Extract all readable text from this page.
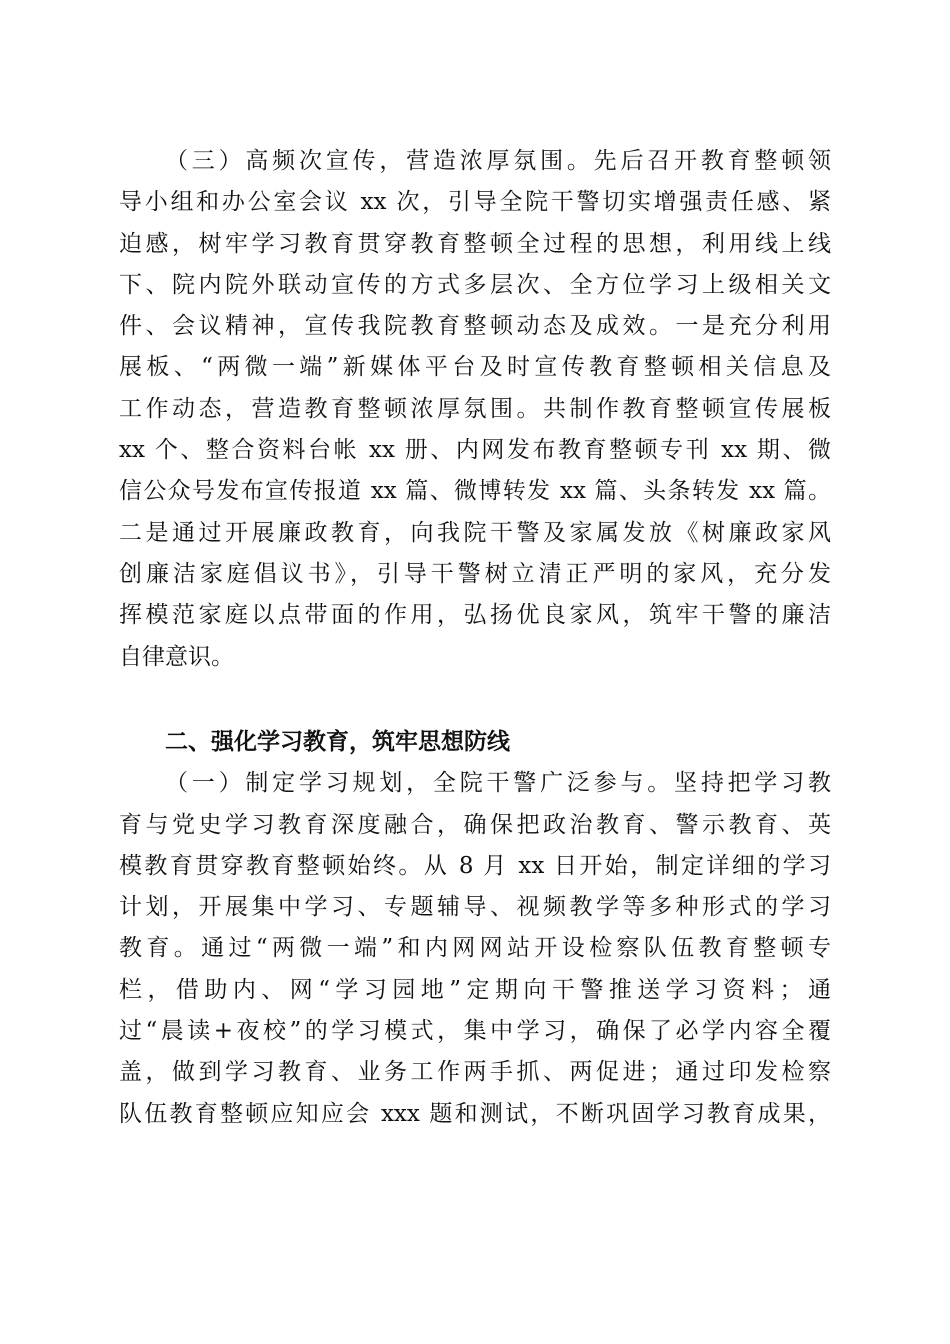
（三）高频次宣传，营造浓厚氛围。先后召开教育整顿领
导小组和办公室会议 xx 次，引导全院干警切实增强责任感、紧
迫感，树牢学习教育贯穿教育整顿全过程的思想，利用线上线
下、院内院外联动宣传的方式多层次、全方位学习上级相关文
件、会议精神，宣传我院教育整顿动态及成效。一是充分利用
展板、“两微一端”新媒体平台及时宣传教育整顿相关信息及
工作动态，营造教育整顿浓厚氛围。共制作教育整顿宣传展板
xx 个、整合资料台帐 xx 册、内网发布教育整顿专刊 xx 期、微
信公众号发布宣传报道 xx 篇、微博转发 xx 篇、头条转发 xx 篇。
二是通过开展廉政教育，向我院干警及家属发放《树廉政家风
创廉洁家庭倡议书》，引导干警树立清正严明的家风，充分发
挥模范家庭以点带面的作用，弘扬优良家风，筑牢干警的廉洁
自律意识。
二、强化学习教育，筑牢思想防线
（一）制定学习规划，全院干警广泛参与。坚持把学习教
育与党史学习教育深度融合，确保把政治教育、警示教育、英
模教育贯穿教育整顿始终。从 8 月 xx 日开始，制定详细的学习
计划，开展集中学习、专题辅导、视频教学等多种形式的学习
教育。通过“两微一端”和内网网站开设检察队伍教育整顿专
栏，借助内、网“学习园地”定期向干警推送学习资料；通
过“晨读+夜校”的学习模式，集中学习，确保了必学内容全覆
盖，做到学习教育、业务工作两手抓、两促进；通过印发检察
队伍教育整顿应知应会 xxx 题和测试，不断巩固学习教育成果，
